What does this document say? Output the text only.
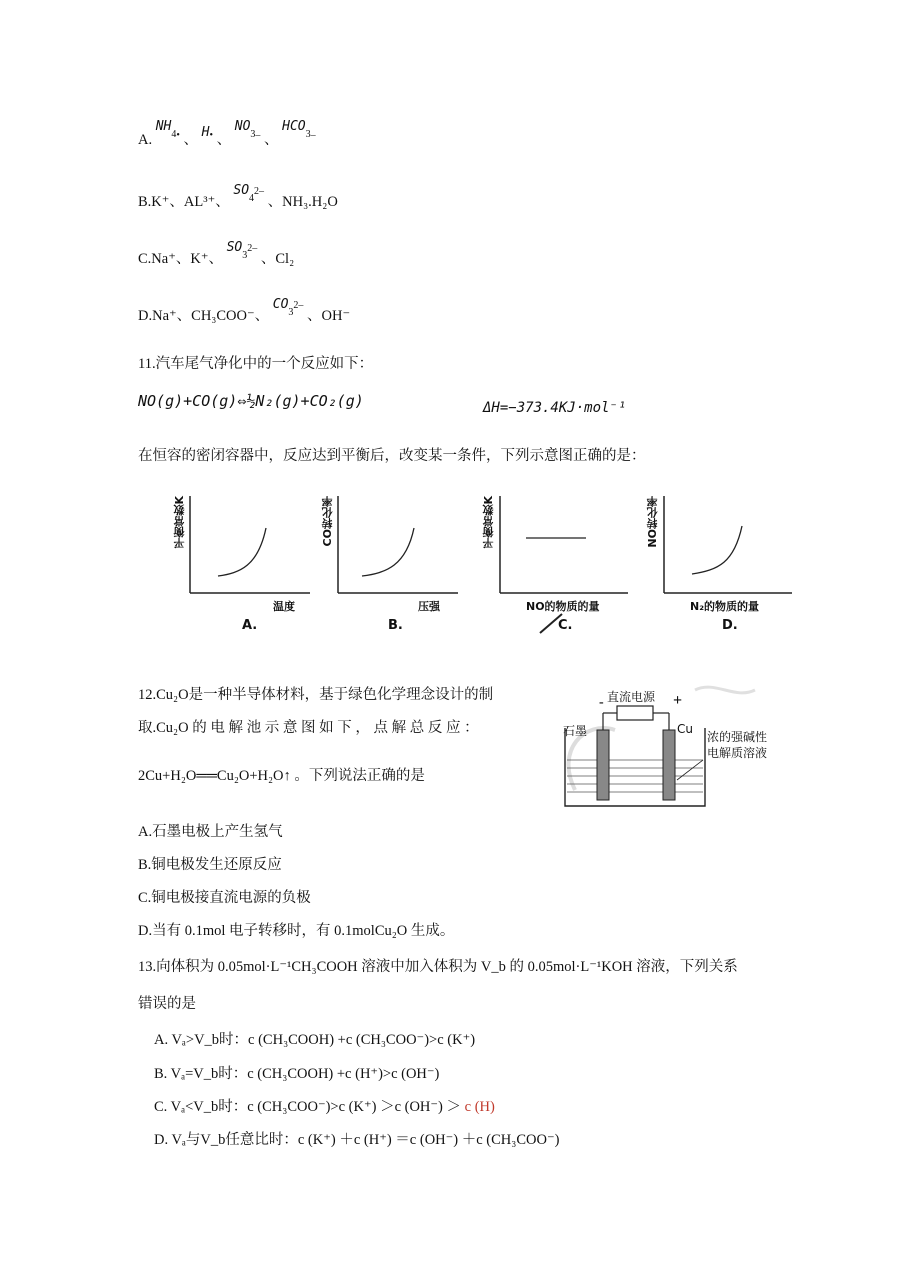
A. $NH^{4•}$ 、 H• 、 $NO^{3-}$ 、 $HCO^{3-}$
B.K⁺、AL³⁺、 $SO^{42-}$ 、NH₃.H₂O
C.Na⁺、K⁺、 $SO^{32-}$ 、Cl₂
D.Na⁺、CH₃COO⁻、 $CO^{32-}$ 、OH⁻
11.汽车尾气净化中的一个反应如下：
NO(g)+CO(g)⇔½N₂(g)+CO₂(g)	ΔH=−373.4KJ·mol⁻¹
在恒容的密闭容器中，反应达到平衡后，改变某一条件，下列示意图正确的是：
平衡常数K
温度
A.
CO转化率
压强
B.
平衡常数K
NO的物质的量
C.
NO转化率
N₂的物质的量
D.
12.Cu₂O是一种半导体材料，基于绿色化学理念设计的制
取.Cu₂O 的 电 解 池 示 意 图 如 下 ， 点 解 总 反 应 ：
2Cu+H₂O══Cu₂O+H₂O↑ 。下列说法正确的是
直流电源
-	+
石墨	Cu
浓的强碱性
电解质溶液
A.石墨电极上产生氢气
B.铜电极发生还原反应
C.铜电极接直流电源的负极
D.当有 0.1mol 电子转移时，有 0.1molCu₂O 生成。
13.向体积为 0.05mol·L⁻¹CH₃COOH 溶液中加入体积为 V_b 的 0.05mol·L⁻¹KOH 溶液，下列关系
错误的是
A. Vₐ>V_b时：c (CH₃COOH) +c (CH₃COO⁻)>c (K⁺)
B. Vₐ=V_b时：c (CH₃COOH) +c (H⁺)>c (OH⁻)
C. Vₐ<V_b时：c (CH₃COO⁻)>c (K⁺) ＞c (OH⁻) ＞ c (H)
D. Vₐ与V_b任意比时：c (K⁺) ＋c (H⁺) ＝c (OH⁻) ＋c (CH₃COO⁻)
